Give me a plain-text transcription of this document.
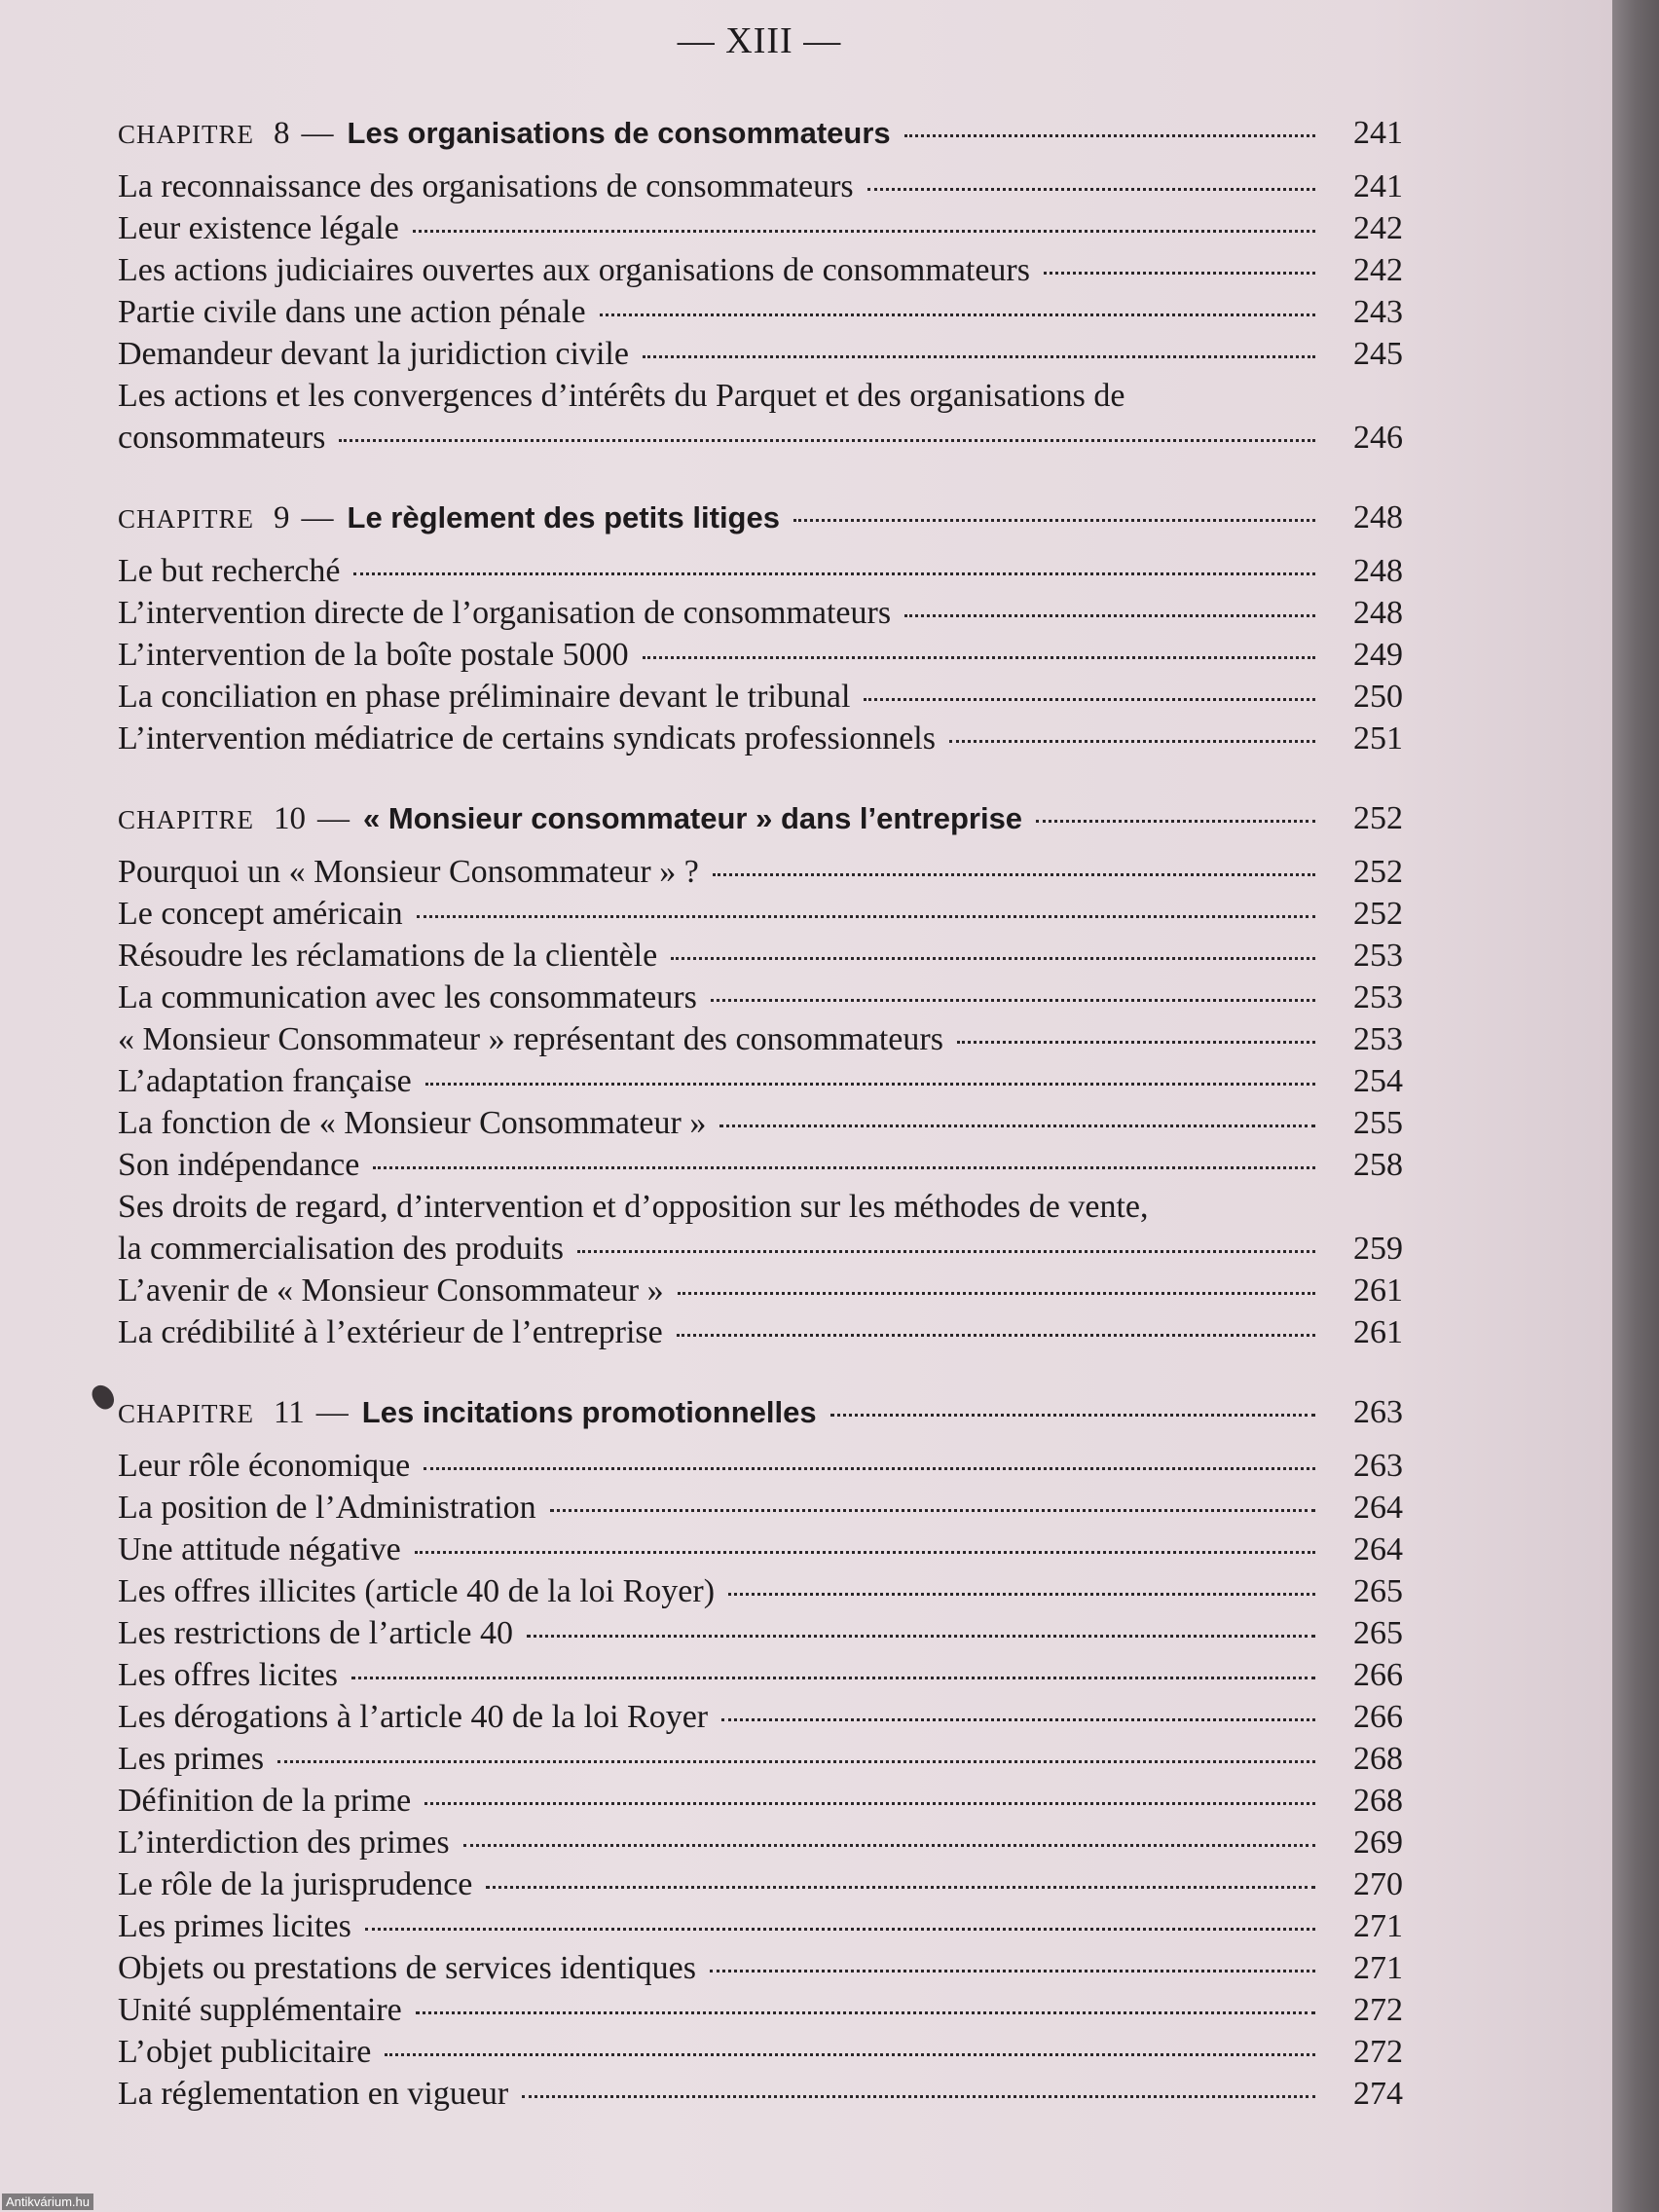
— XIII —
CHAPITRE 8 — Les organisations de consommateurs	241
La reconnaissance des organisations de consommateurs	241
Leur existence légale	242
Les actions judiciaires ouvertes aux organisations de consommateurs	242
Partie civile dans une action pénale	243
Demandeur devant la juridiction civile	245
Les actions et les convergences d’intérêts du Parquet et des organisations de
consommateurs	246
CHAPITRE 9 — Le règlement des petits litiges	248
Le but recherché	248
L’intervention directe de l’organisation de consommateurs	248
L’intervention de la boîte postale 5000	249
La conciliation en phase préliminaire devant le tribunal	250
L’intervention médiatrice de certains syndicats professionnels	251
CHAPITRE 10 — « Monsieur consommateur » dans l’entreprise	252
Pourquoi un « Monsieur Consommateur » ?	252
Le concept américain	252
Résoudre les réclamations de la clientèle	253
La communication avec les consommateurs	253
« Monsieur Consommateur » représentant des consommateurs	253
L’adaptation française	254
La fonction de « Monsieur Consommateur »	255
Son indépendance	258
Ses droits de regard, d’intervention et d’opposition sur les méthodes de vente,
la commercialisation des produits	259
L’avenir de « Monsieur Consommateur »	261
La crédibilité à l’extérieur de l’entreprise	261
CHAPITRE 11 — Les incitations promotionnelles	263
Leur rôle économique	263
La position de l’Administration	264
Une attitude négative	264
Les offres illicites (article 40 de la loi Royer)	265
Les restrictions de l’article 40	265
Les offres licites	266
Les dérogations à l’article 40 de la loi Royer	266
Les primes	268
Définition de la prime	268
L’interdiction des primes	269
Le rôle de la jurisprudence	270
Les primes licites	271
Objets ou prestations de services identiques	271
Unité supplémentaire	272
L’objet publicitaire	272
La réglementation en vigueur	274
Antikvárium.hu
